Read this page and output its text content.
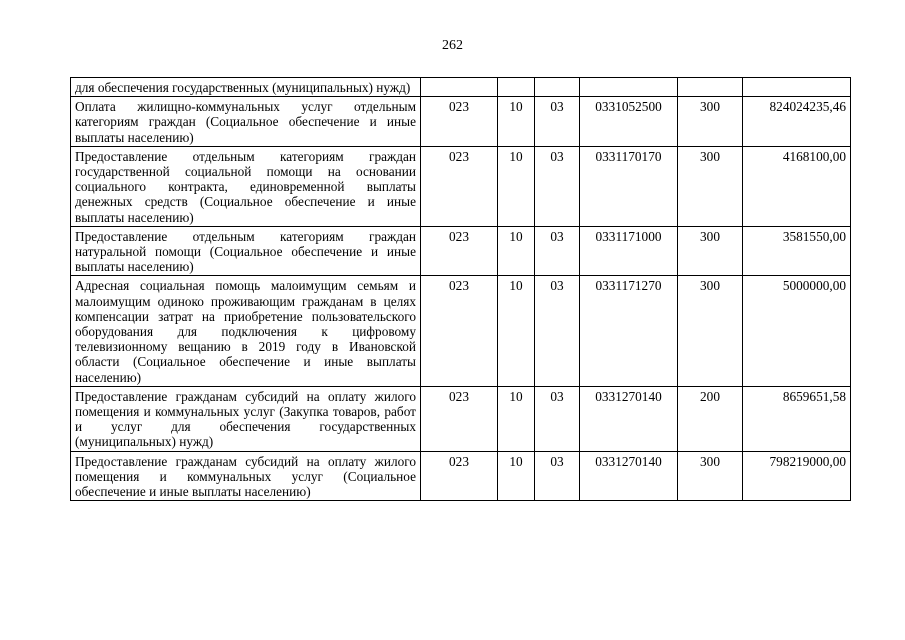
262
для обеспечения государственных (муниципальных) нужд)						
Оплата жилищно-коммунальных услуг отдельным категориям граждан (Социальное обеспечение и иные выплаты населению)	023	10	03	0331052500	300	824024235,46
Предоставление отдельным категориям граждан государственной социальной помощи на основании социального контракта, единовременной выплаты денежных средств (Социальное обеспечение и иные выплаты населению)	023	10	03	0331170170	300	4168100,00
Предоставление отдельным категориям граждан натуральной помощи (Социальное обеспечение и иные выплаты населению)	023	10	03	0331171000	300	3581550,00
Адресная социальная помощь малоимущим семьям и малоимущим одиноко проживающим гражданам в целях компенсации затрат на приобретение пользовательского оборудования для подключения к цифровому телевизионному вещанию в 2019 году в Ивановской области (Социальное обеспечение и иные выплаты населению)	023	10	03	0331171270	300	5000000,00
Предоставление гражданам субсидий на оплату жилого помещения и коммунальных услуг (Закупка товаров, работ и услуг для обеспечения государственных (муниципальных) нужд)	023	10	03	0331270140	200	8659651,58
Предоставление гражданам субсидий на оплату жилого помещения и коммунальных услуг (Социальное обеспечение и иные выплаты населению)	023	10	03	0331270140	300	798219000,00
